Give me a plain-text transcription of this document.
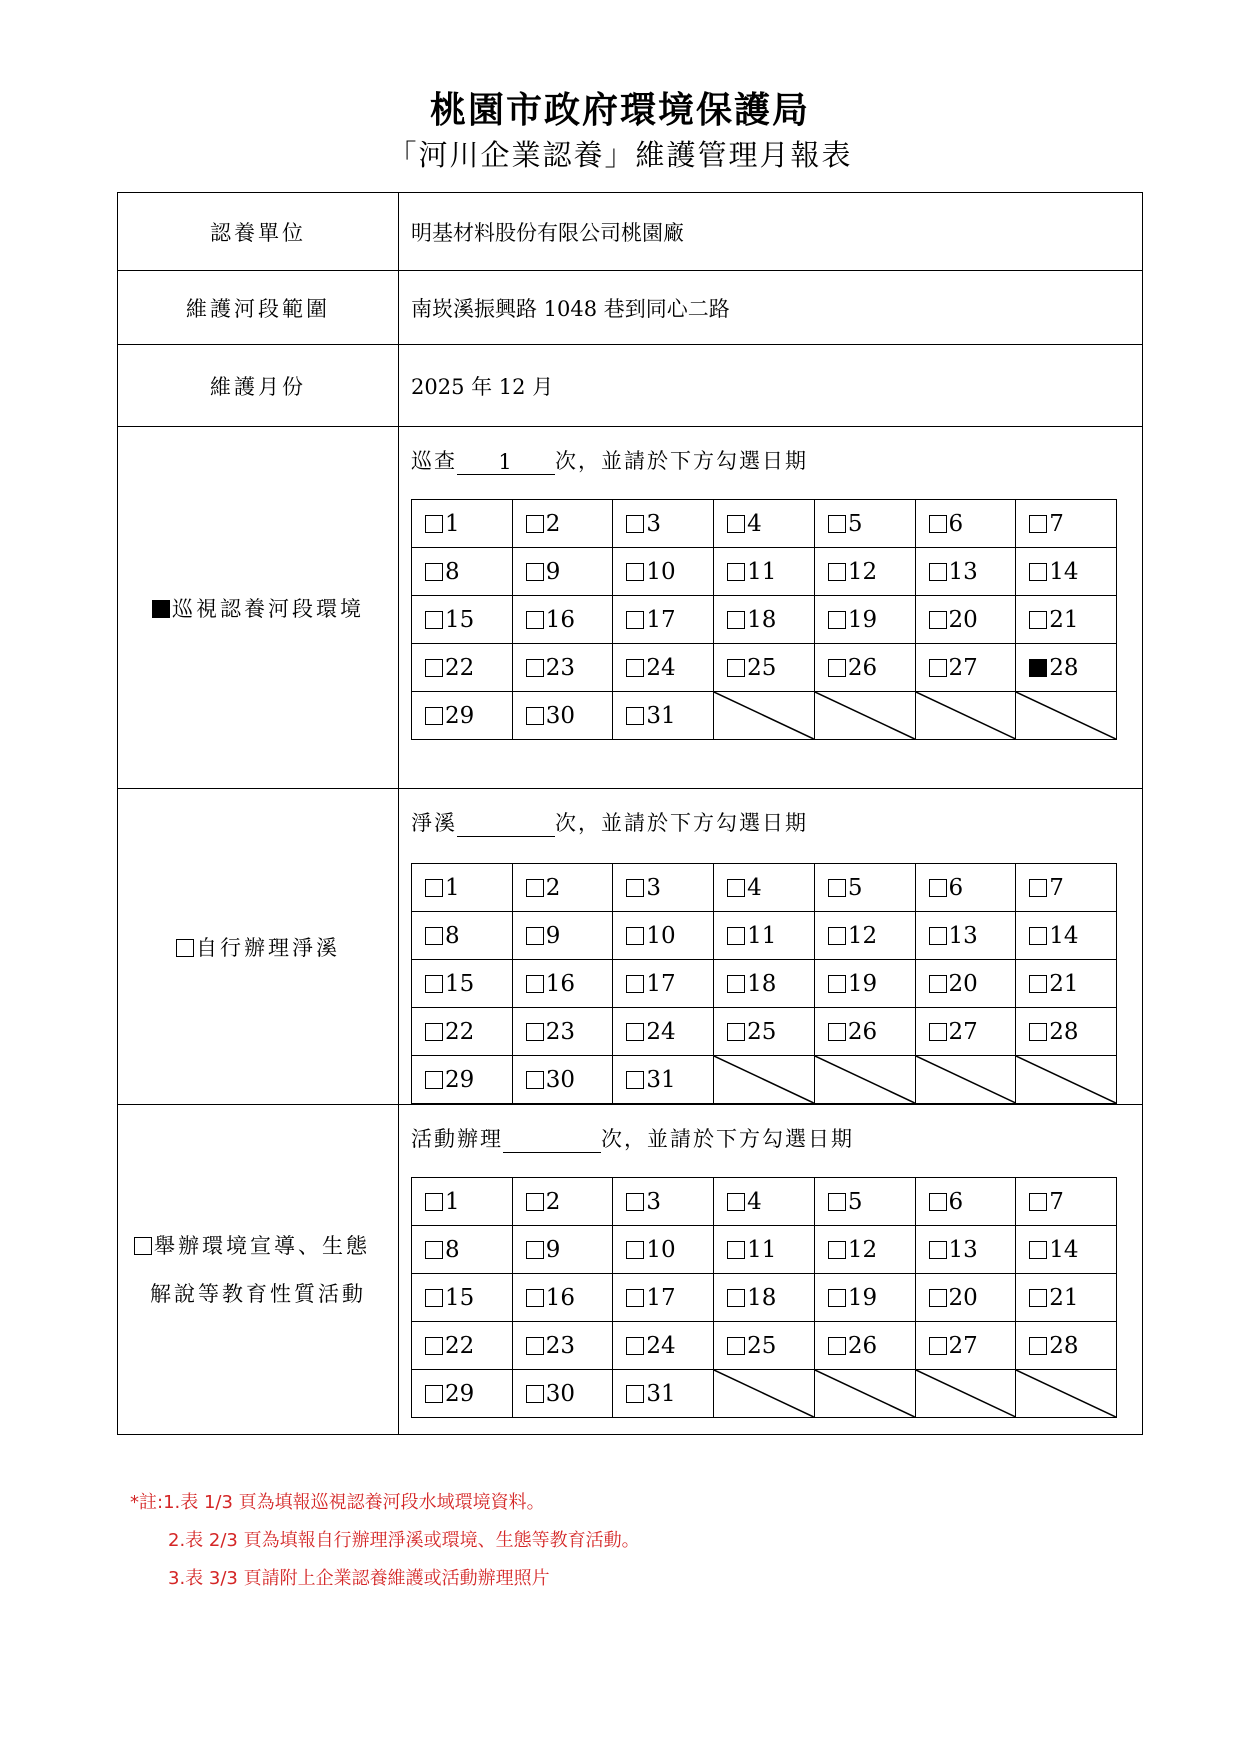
桃園市政府環境保護局
「河川企業認養」維護管理月報表
認養單位	明基材料股份有限公司桃園廠
維護河段範圍	南崁溪振興路 1048 巷到同心二路
維護月份	2025 年 12 月
巡視認養河段環境	
巡查 1 次，並請於下方勾選日期
1	2	3	4	5	6	7
8	9	10	11	12	13	14
15	16	17	18	19	20	21
22	23	24	25	26	27	28
29	30	31	

自行辦理淨溪	
淨溪	次，並請於下方勾選日期
1	2	3	4	5	6	7
8	9	10	11	12	13	14
15	16	17	18	19	20	21
22	23	24	25	26	27	28
29	30	31	

舉辦環境宣導、生態
解說等教育性質活動

活動辦理	次，並請於下方勾選日期
1	2	3	4	5	6	7
8	9	10	11	12	13	14
15	16	17	18	19	20	21
22	23	24	25	26	27	28
29	30	31	

*註:1.表 1/3 頁為填報巡視認養河段水域環境資料。
2.表 2/3 頁為填報自行辦理淨溪或環境、生態等教育活動。
3.表 3/3 頁請附上企業認養維護或活動辦理照片
